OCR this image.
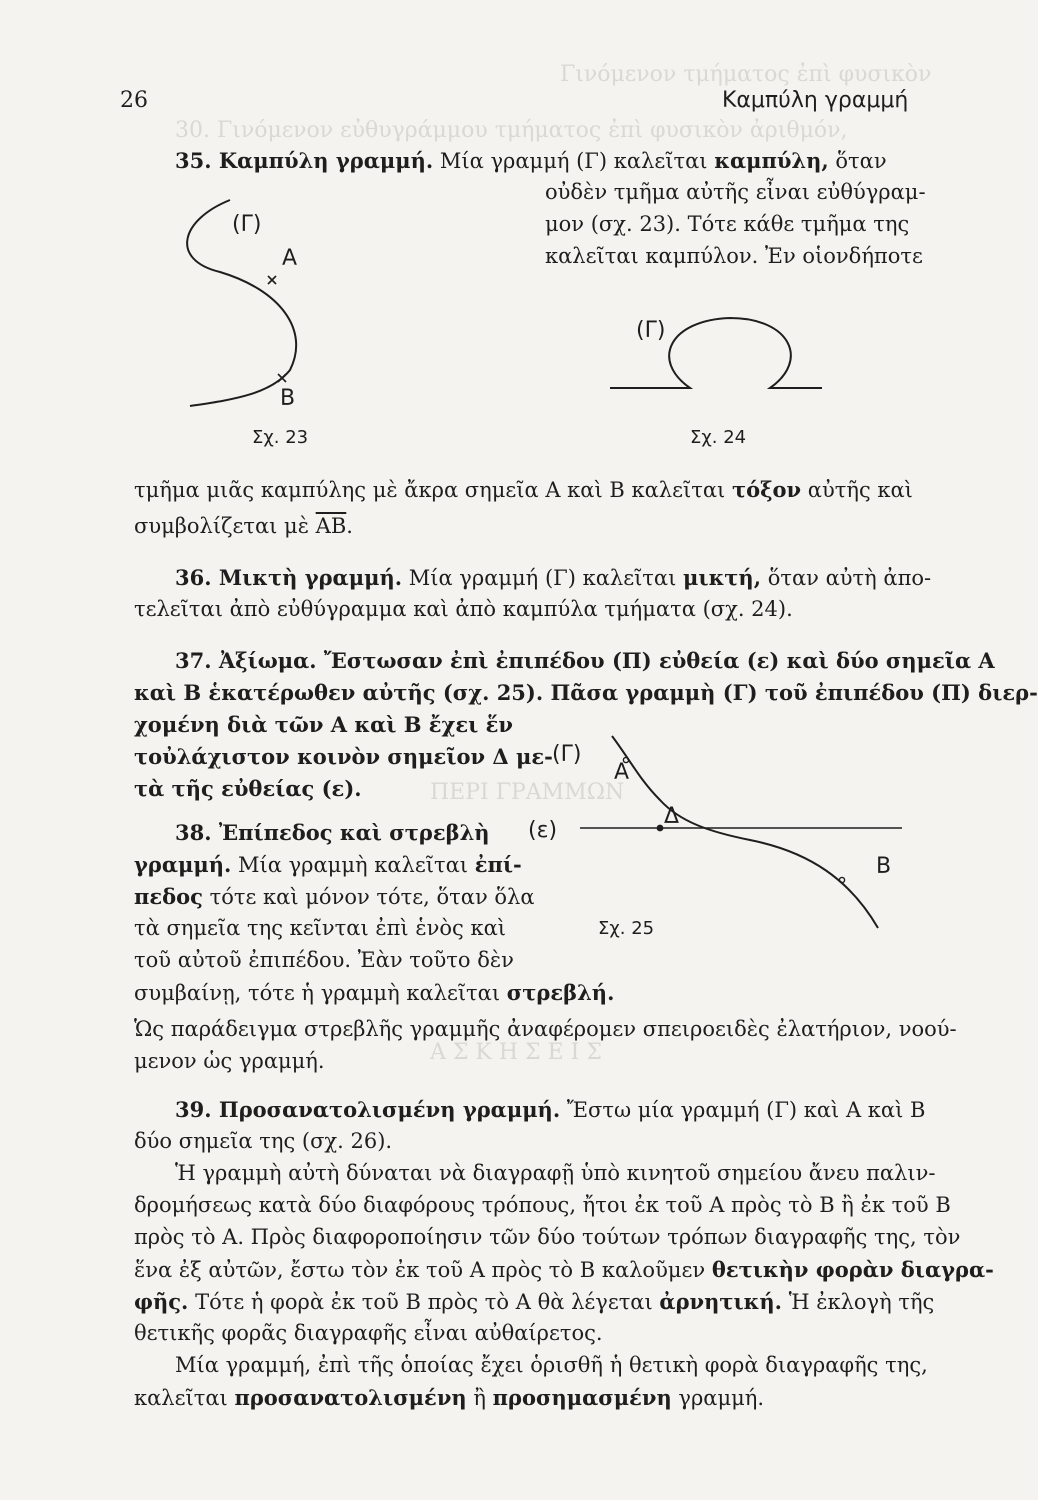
Γινόμενον τμήματος ἐπὶ φυσικὸν
30. Γινόμενον εὐθυγράμμου τμήματος ἐπὶ φυσικὸν ἀριθμόν,
ΠΕΡΙ ΓΡΑΜΜΩΝ
Α Σ Κ Η Σ Ε Ι Σ
26	Καμπύλη γραμμή
35. Καμπύλη γραμμή. Μία γραμμή (Γ) καλεῖται καμπύλη, ὅταν
οὐδὲν τμῆμα αὐτῆς εἶναι εὐθύγραμ-
μον (σχ. 23). Τότε κάθε τμῆμα της
καλεῖται καμπύλον. Ἐν οἱονδήποτε
(Γ)
Α
Β
Σχ. 23
(Γ)
Σχ. 24
τμῆμα μιᾶς καμπύλης μὲ ἄκρα σημεῖα Α καὶ Β καλεῖται τόξον αὐτῆς καὶ
συμβολίζεται μὲ $\overline{AB}$.
36. Μικτὴ γραμμή. Μία γραμμή (Γ) καλεῖται μικτή, ὅταν αὐτὴ ἀπο-
τελεῖται ἀπὸ εὐθύγραμμα καὶ ἀπὸ καμπύλα τμήματα (σχ. 24).
37. Ἀξίωμα. Ἔστωσαν ἐπὶ ἐπιπέδου (Π) εὐθεία (ε) καὶ δύο σημεῖα Α
καὶ Β ἑκατέρωθεν αὐτῆς (σχ. 25). Πᾶσα γραμμὴ (Γ) τοῦ ἐπιπέδου (Π) διερ-
χομένη διὰ τῶν Α καὶ Β ἔχει ἕν
τοὐλάχιστον κοινὸν σημεῖον Δ με-
τὰ τῆς εὐθείας (ε).
(Γ)
Α
Δ
(ε)
Β
Σχ. 25
38. Ἐπίπεδος καὶ στρεβλὴ
γραμμή. Μία γραμμὴ καλεῖται ἐπί-
πεδος τότε καὶ μόνον τότε, ὅταν ὅλα
τὰ σημεῖα της κεῖνται ἐπὶ ἑνὸς καὶ
τοῦ αὐτοῦ ἐπιπέδου. Ἐὰν τοῦτο δὲν
συμβαίνῃ, τότε ἡ γραμμὴ καλεῖται στρεβλή.
Ὡς παράδειγμα στρεβλῆς γραμμῆς ἀναφέρομεν σπειροειδὲς ἐλατήριον, νοού-
μενον ὡς γραμμή.
39. Προσανατολισμένη γραμμή. Ἔστω μία γραμμή (Γ) καὶ Α καὶ Β
δύο σημεῖα της (σχ. 26).
Ἡ γραμμὴ αὐτὴ δύναται νὰ διαγραφῇ ὑπὸ κινητοῦ σημείου ἄνευ παλιν-
δρομήσεως κατὰ δύο διαφόρους τρόπους, ἤτοι ἐκ τοῦ Α πρὸς τὸ Β ἢ ἐκ τοῦ Β
πρὸς τὸ Α. Πρὸς διαφοροποίησιν τῶν δύο τούτων τρόπων διαγραφῆς της, τὸν
ἕνα ἐξ αὐτῶν, ἔστω τὸν ἐκ τοῦ Α πρὸς τὸ Β καλοῦμεν θετικὴν φορὰν διαγρα-
φῆς. Τότε ἡ φορὰ ἐκ τοῦ Β πρὸς τὸ Α θὰ λέγεται ἀρνητική. Ἡ ἐκλογὴ τῆς
θετικῆς φορᾶς διαγραφῆς εἶναι αὐθαίρετος.
Μία γραμμή, ἐπὶ τῆς ὁποίας ἔχει ὁρισθῆ ἡ θετικὴ φορὰ διαγραφῆς της,
καλεῖται προσανατολισμένη ἢ προσημασμένη γραμμή.
